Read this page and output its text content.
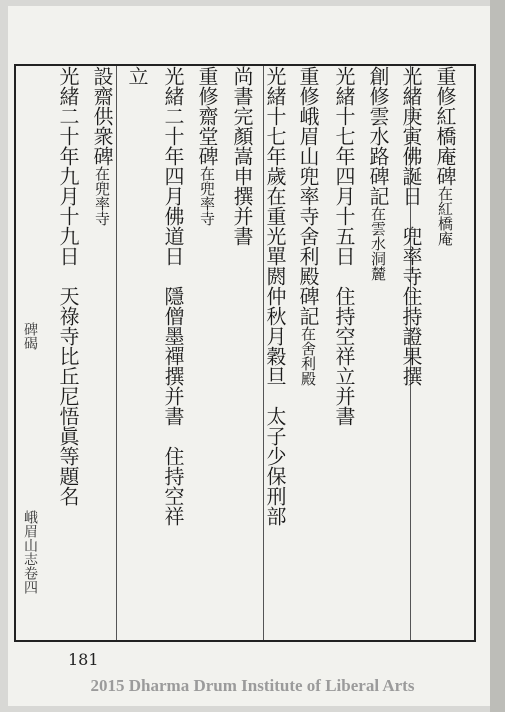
重修紅橋庵碑在紅橋庵
光緒庚寅佛誕日　兜率寺住持證果撰
創修雲水路碑記在雲水洞麓
光緒十七年四月十五日　住持空祥立并書
重修峨眉山兜率寺舍利殿碑記在舍利殿
光緒十七年歲在重光單閼仲秋月穀旦　太子少保刑部
尚書完顏嵩申撰并書
重修齋堂碑在兜率寺
光緒二十年四月佛道日　隱僧墨禪撰并書　住持空祥
立
設齋供衆碑在兜率寺
光緒二十年九月十九日　天祿寺比丘尼悟眞等題名
峨眉山志卷四
碑碣
181
2015 Dharma Drum Institute of Liberal Arts
